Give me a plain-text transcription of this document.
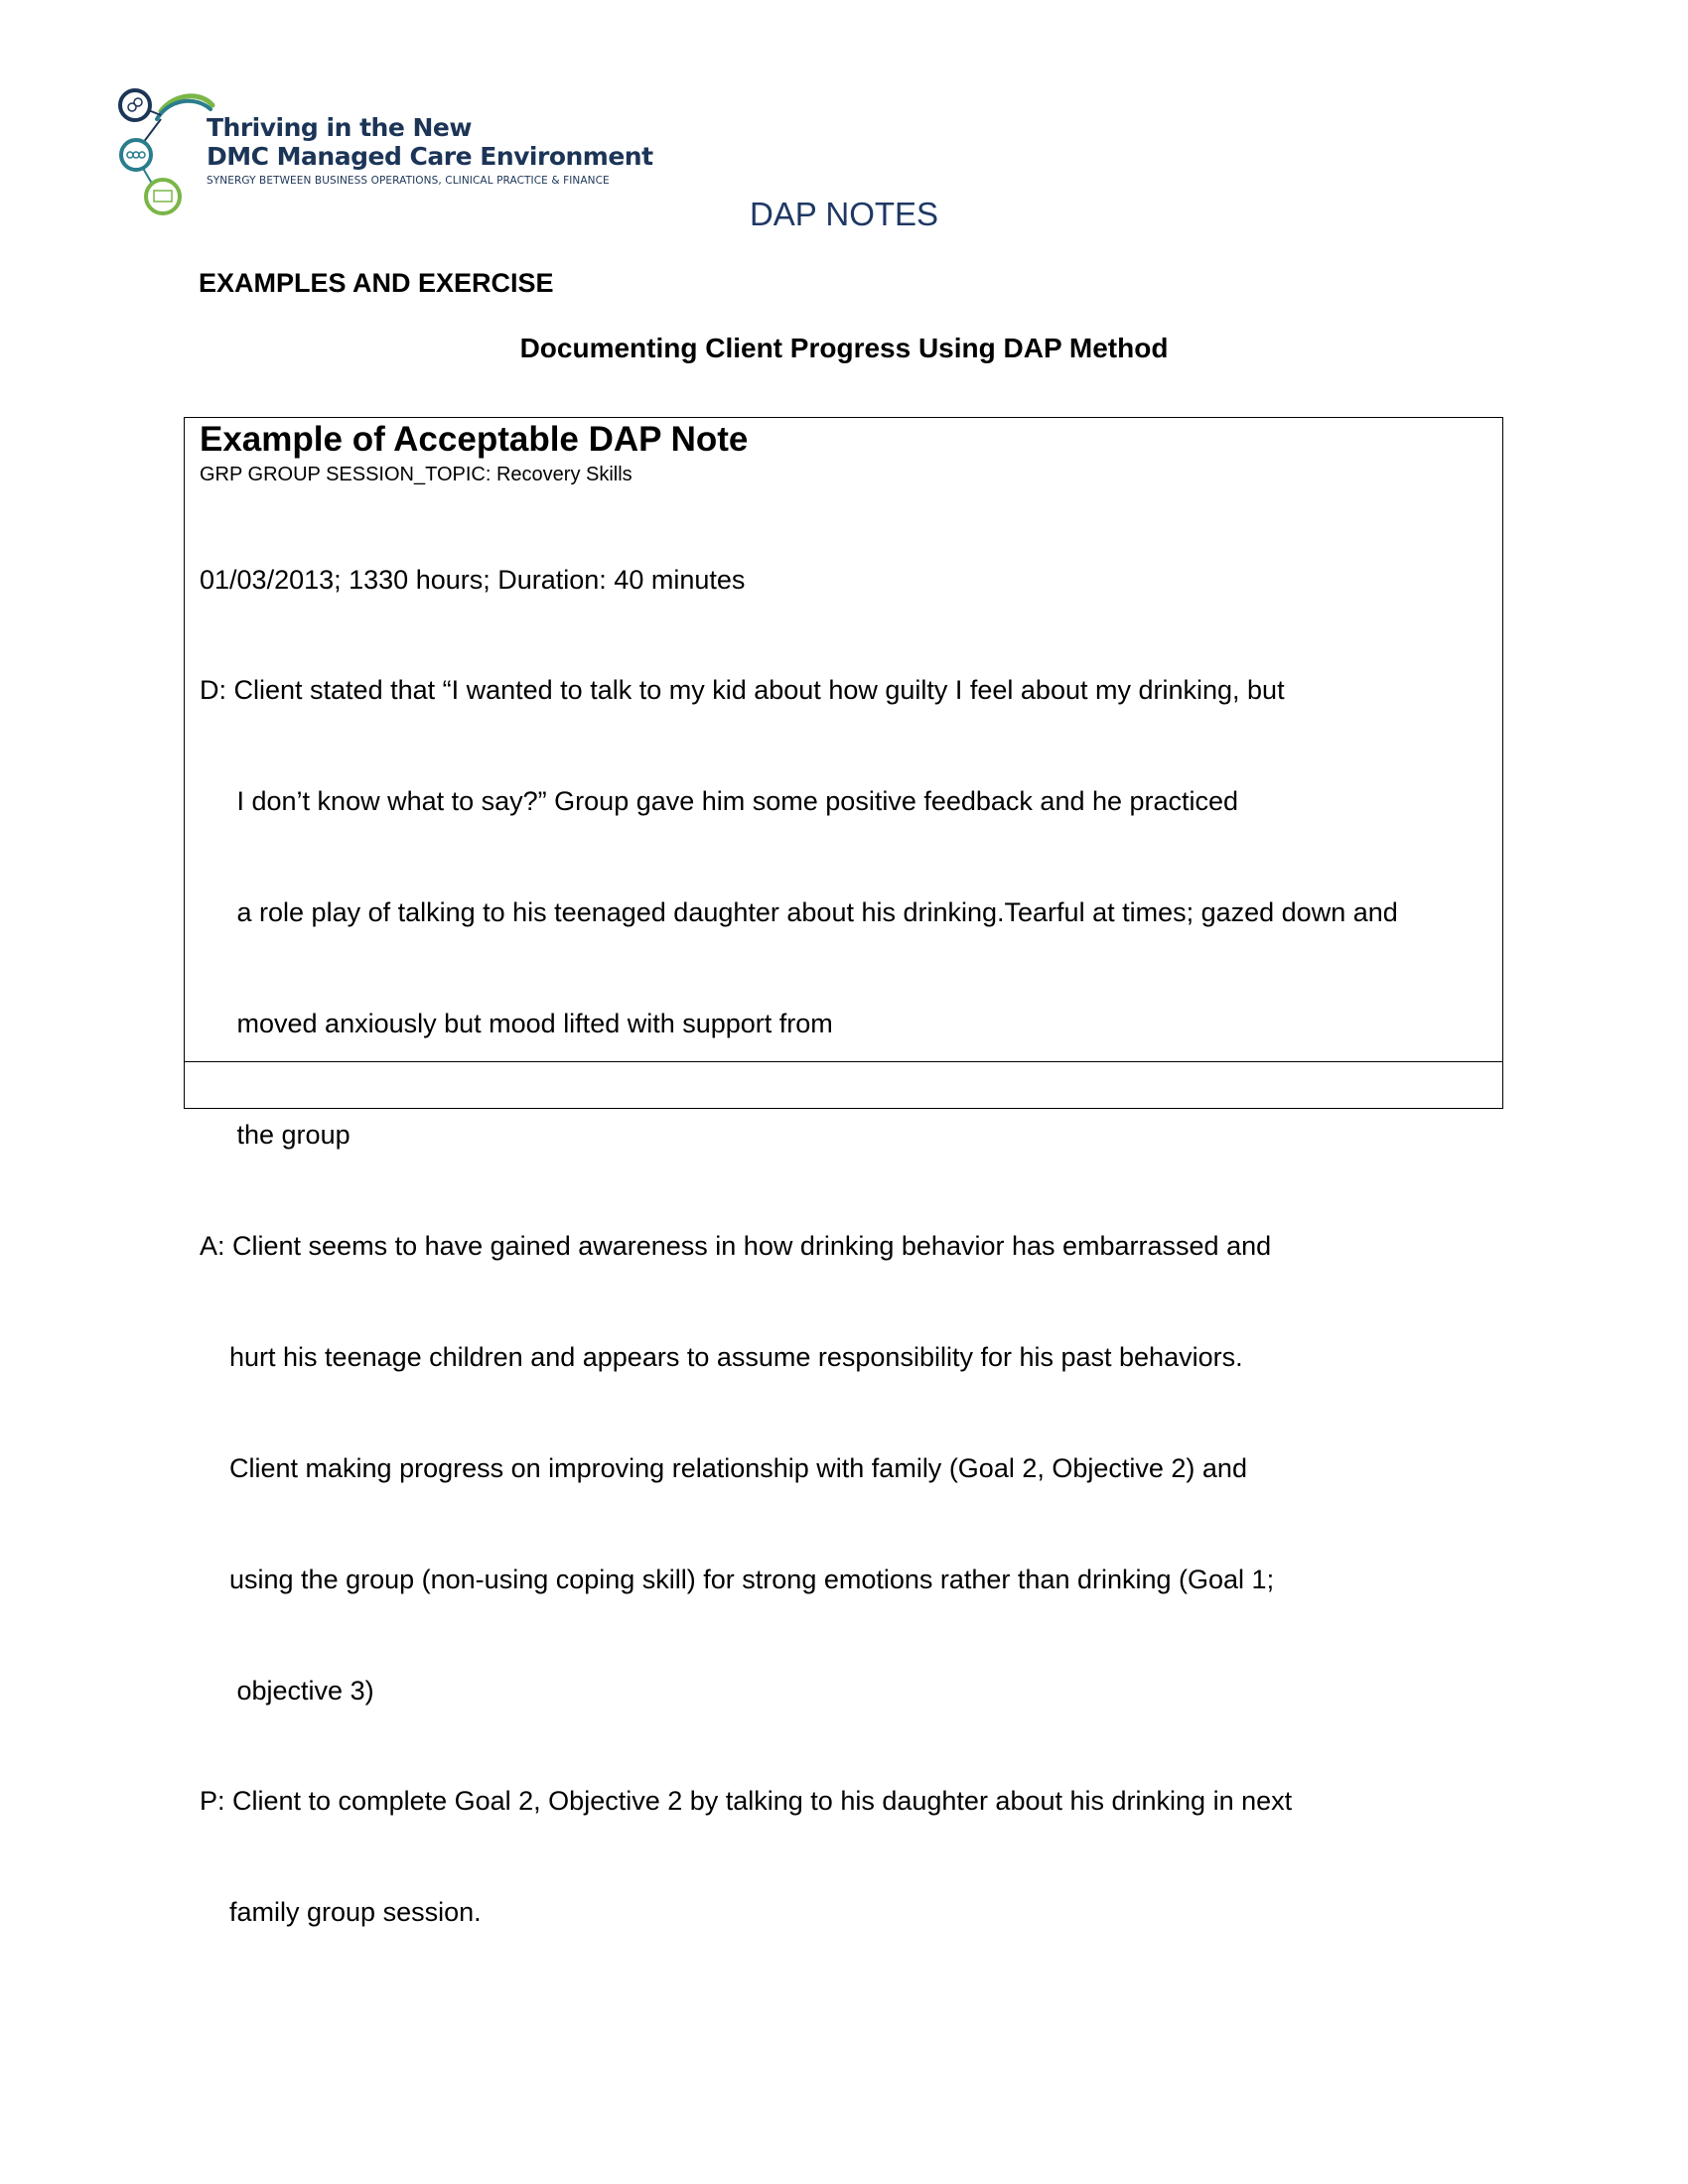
Thriving in the New
DMC Managed Care Environment
SYNERGY BETWEEN BUSINESS OPERATIONS, CLINICAL PRACTICE & FINANCE
DAP NOTES
EXAMPLES AND EXERCISE
Documenting Client Progress Using DAP Method
Example of Acceptable DAP Note
GRP GROUP SESSION_TOPIC: Recovery Skills

01/03/2013; 1330 hours; Duration: 40 minutes

D: Client stated that “I wanted to talk to my kid about how guilty I feel about my drinking, but

I don’t know what to say?” Group gave him some positive feedback and he practiced

a role play of talking to his teenaged daughter about his drinking.Tearful at times; gazed down and

moved anxiously but mood lifted with support from

the group

A: Client seems to have gained awareness in how drinking behavior has embarrassed and

hurt his teenage children and appears to assume responsibility for his past behaviors.

Client making progress on improving relationship with family (Goal 2, Objective 2) and

using the group (non-using coping skill) for strong emotions rather than drinking (Goal 1;

objective 3)

P: Client to complete Goal 2, Objective 2 by talking to his daughter about his drinking in next

family group session.
